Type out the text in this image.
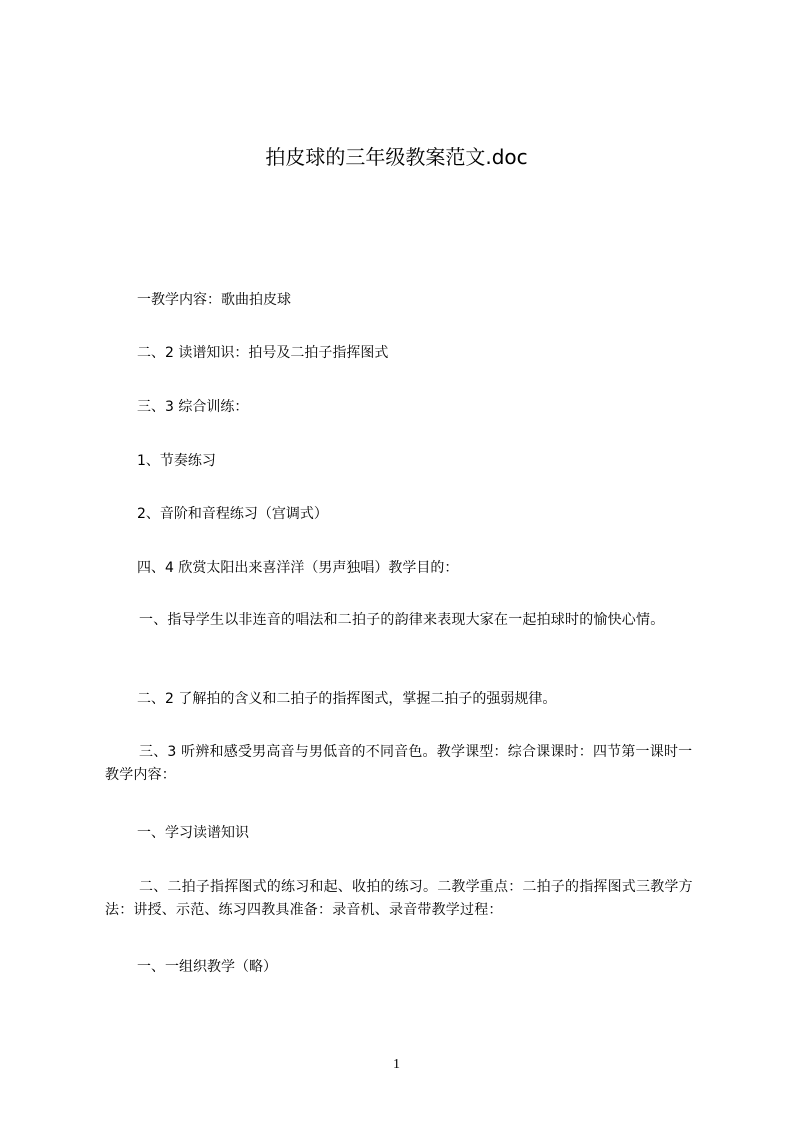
拍皮球的三年级教案范文.doc

一教学内容：歌曲拍皮球

二、2 读谱知识：拍号及二拍子指挥图式

三、3 综合训练：

1、节奏练习

2、音阶和音程练习（宫调式）

四、4 欣赏太阳出来喜洋洋（男声独唱）教学目的：

一、指导学生以非连音的唱法和二拍子的韵律来表现大家在一起拍球时的愉快心情。

二、2 了解拍的含义和二拍子的指挥图式，掌握二拍子的强弱规律。

三、3 听辨和感受男高音与男低音的不同音色。教学课型：综合课课时：四节第一课时一教学内容：

一、学习读谱知识

二、二拍子指挥图式的练习和起、收拍的练习。二教学重点：二拍子的指挥图式三教学方法：讲授、示范、练习四教具准备：录音机、录音带教学过程：

一、一组织教学（略）

1
